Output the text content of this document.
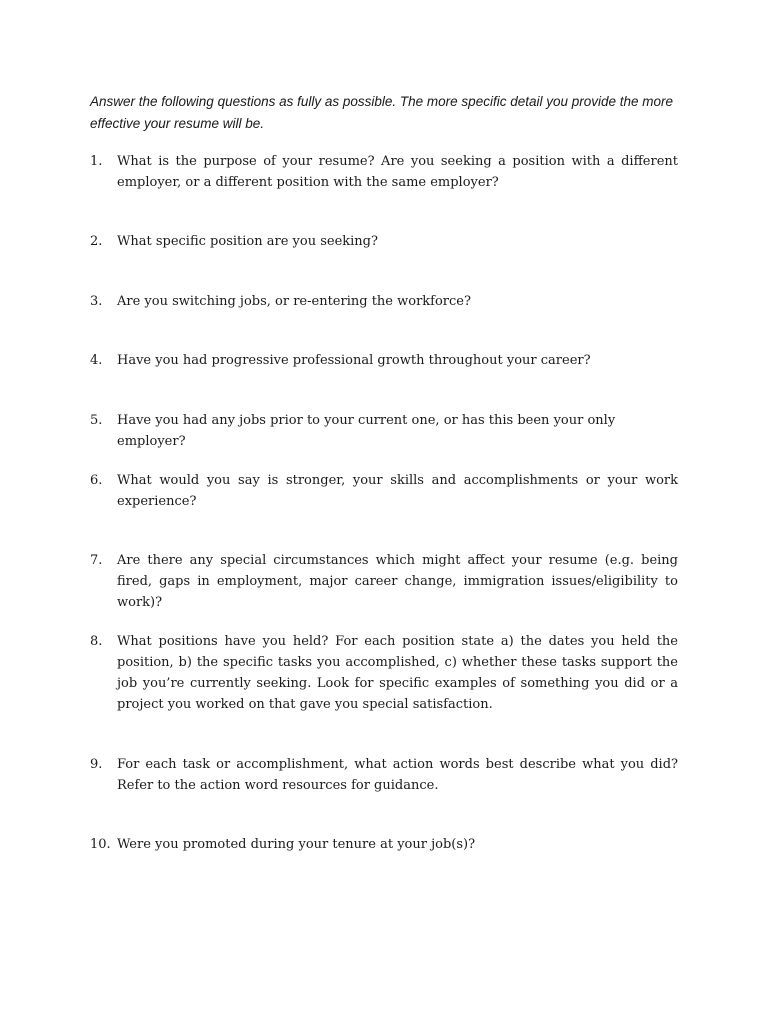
Answer the following questions as fully as possible. The more specific detail you provide the more effective your resume will be.

1.	What is the purpose of your resume? Are you seeking a position with a different employer, or a different position with the same employer?
2.	What specific position are you seeking?
3.	Are you switching jobs, or re-entering the workforce?
4.	Have you had progressive professional growth throughout your career?
5.	Have you had any jobs prior to your current one, or has this been your only employer?
6.	What would you say is stronger, your skills and accomplishments or your work experience?
7.	Are there any special circumstances which might affect your resume (e.g. being fired, gaps in employment, major career change, immigration issues/eligibility to work)?
8.	What positions have you held? For each position state a) the dates you held the position, b) the specific tasks you accomplished, c) whether these tasks support the job you’re currently seeking. Look for specific examples of something you did or a project you worked on that gave you special satisfaction.
9.	For each task or accomplishment, what action words best describe what you did? Refer to the action word resources for guidance.
10. Were you promoted during your tenure at your job(s)?
